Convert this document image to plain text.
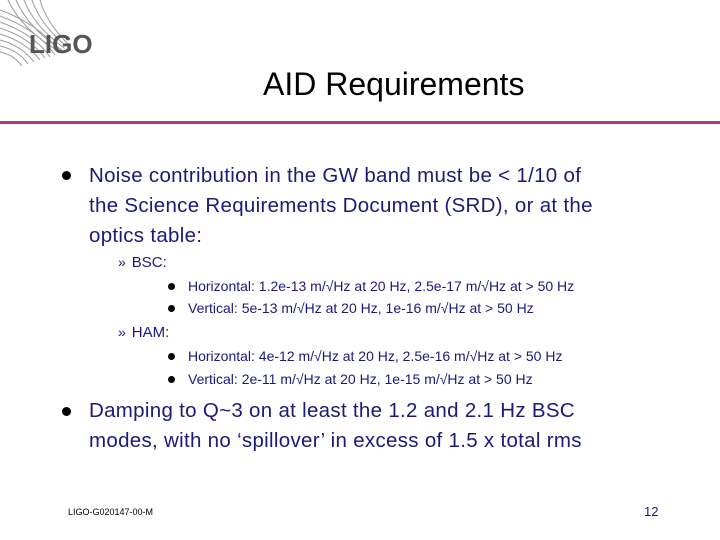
LIGO
AID Requirements
Noise contribution in the GW band must be < 1/10 of
the Science Requirements Document (SRD), or at the
optics table:
» BSC:
Horizontal: 1.2e-13 m/√Hz at 20 Hz, 2.5e-17 m/√Hz at > 50 Hz
Vertical: 5e-13 m/√Hz at 20 Hz, 1e-16 m/√Hz at > 50 Hz
» HAM:
Horizontal: 4e-12 m/√Hz at 20 Hz, 2.5e-16 m/√Hz at > 50 Hz
Vertical: 2e-11 m/√Hz at 20 Hz, 1e-15 m/√Hz at > 50 Hz
Damping to Q~3 on at least the 1.2 and 2.1 Hz BSC
modes, with no ‘spillover’ in excess of 1.5 x total rms
LIGO-G020147-00-M	12
